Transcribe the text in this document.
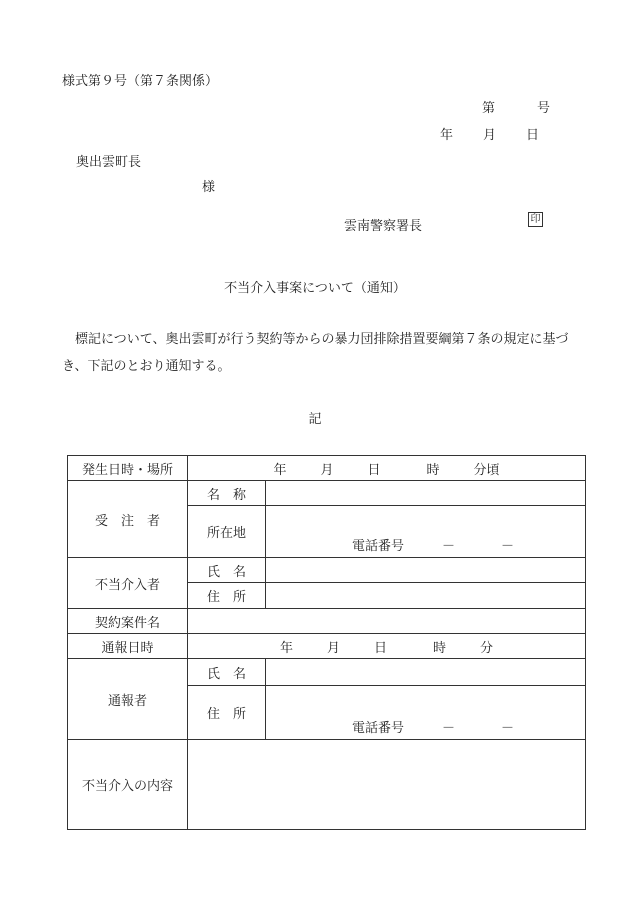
様式第９号（第７条関係）
第	号
年 月 日
奥出雲町長
様
雲南警察署長	印
不当介入事案について（通知）
標記について、奥出雲町が行う契約等からの暴力団排除措置要綱第７条の規定に基づき、下記のとおり通知する。
記
発生日時・場所	年 月 日 時 分頃	
受　注　者	名　称	
	所在地	電話番号 － －

不当介入者	氏　名	
	住　所	
契約案件名		
通報日時	年 月 日 時 分	
通報者	氏　名	
	住　所	電話番号 － －

不当介入の内容		
